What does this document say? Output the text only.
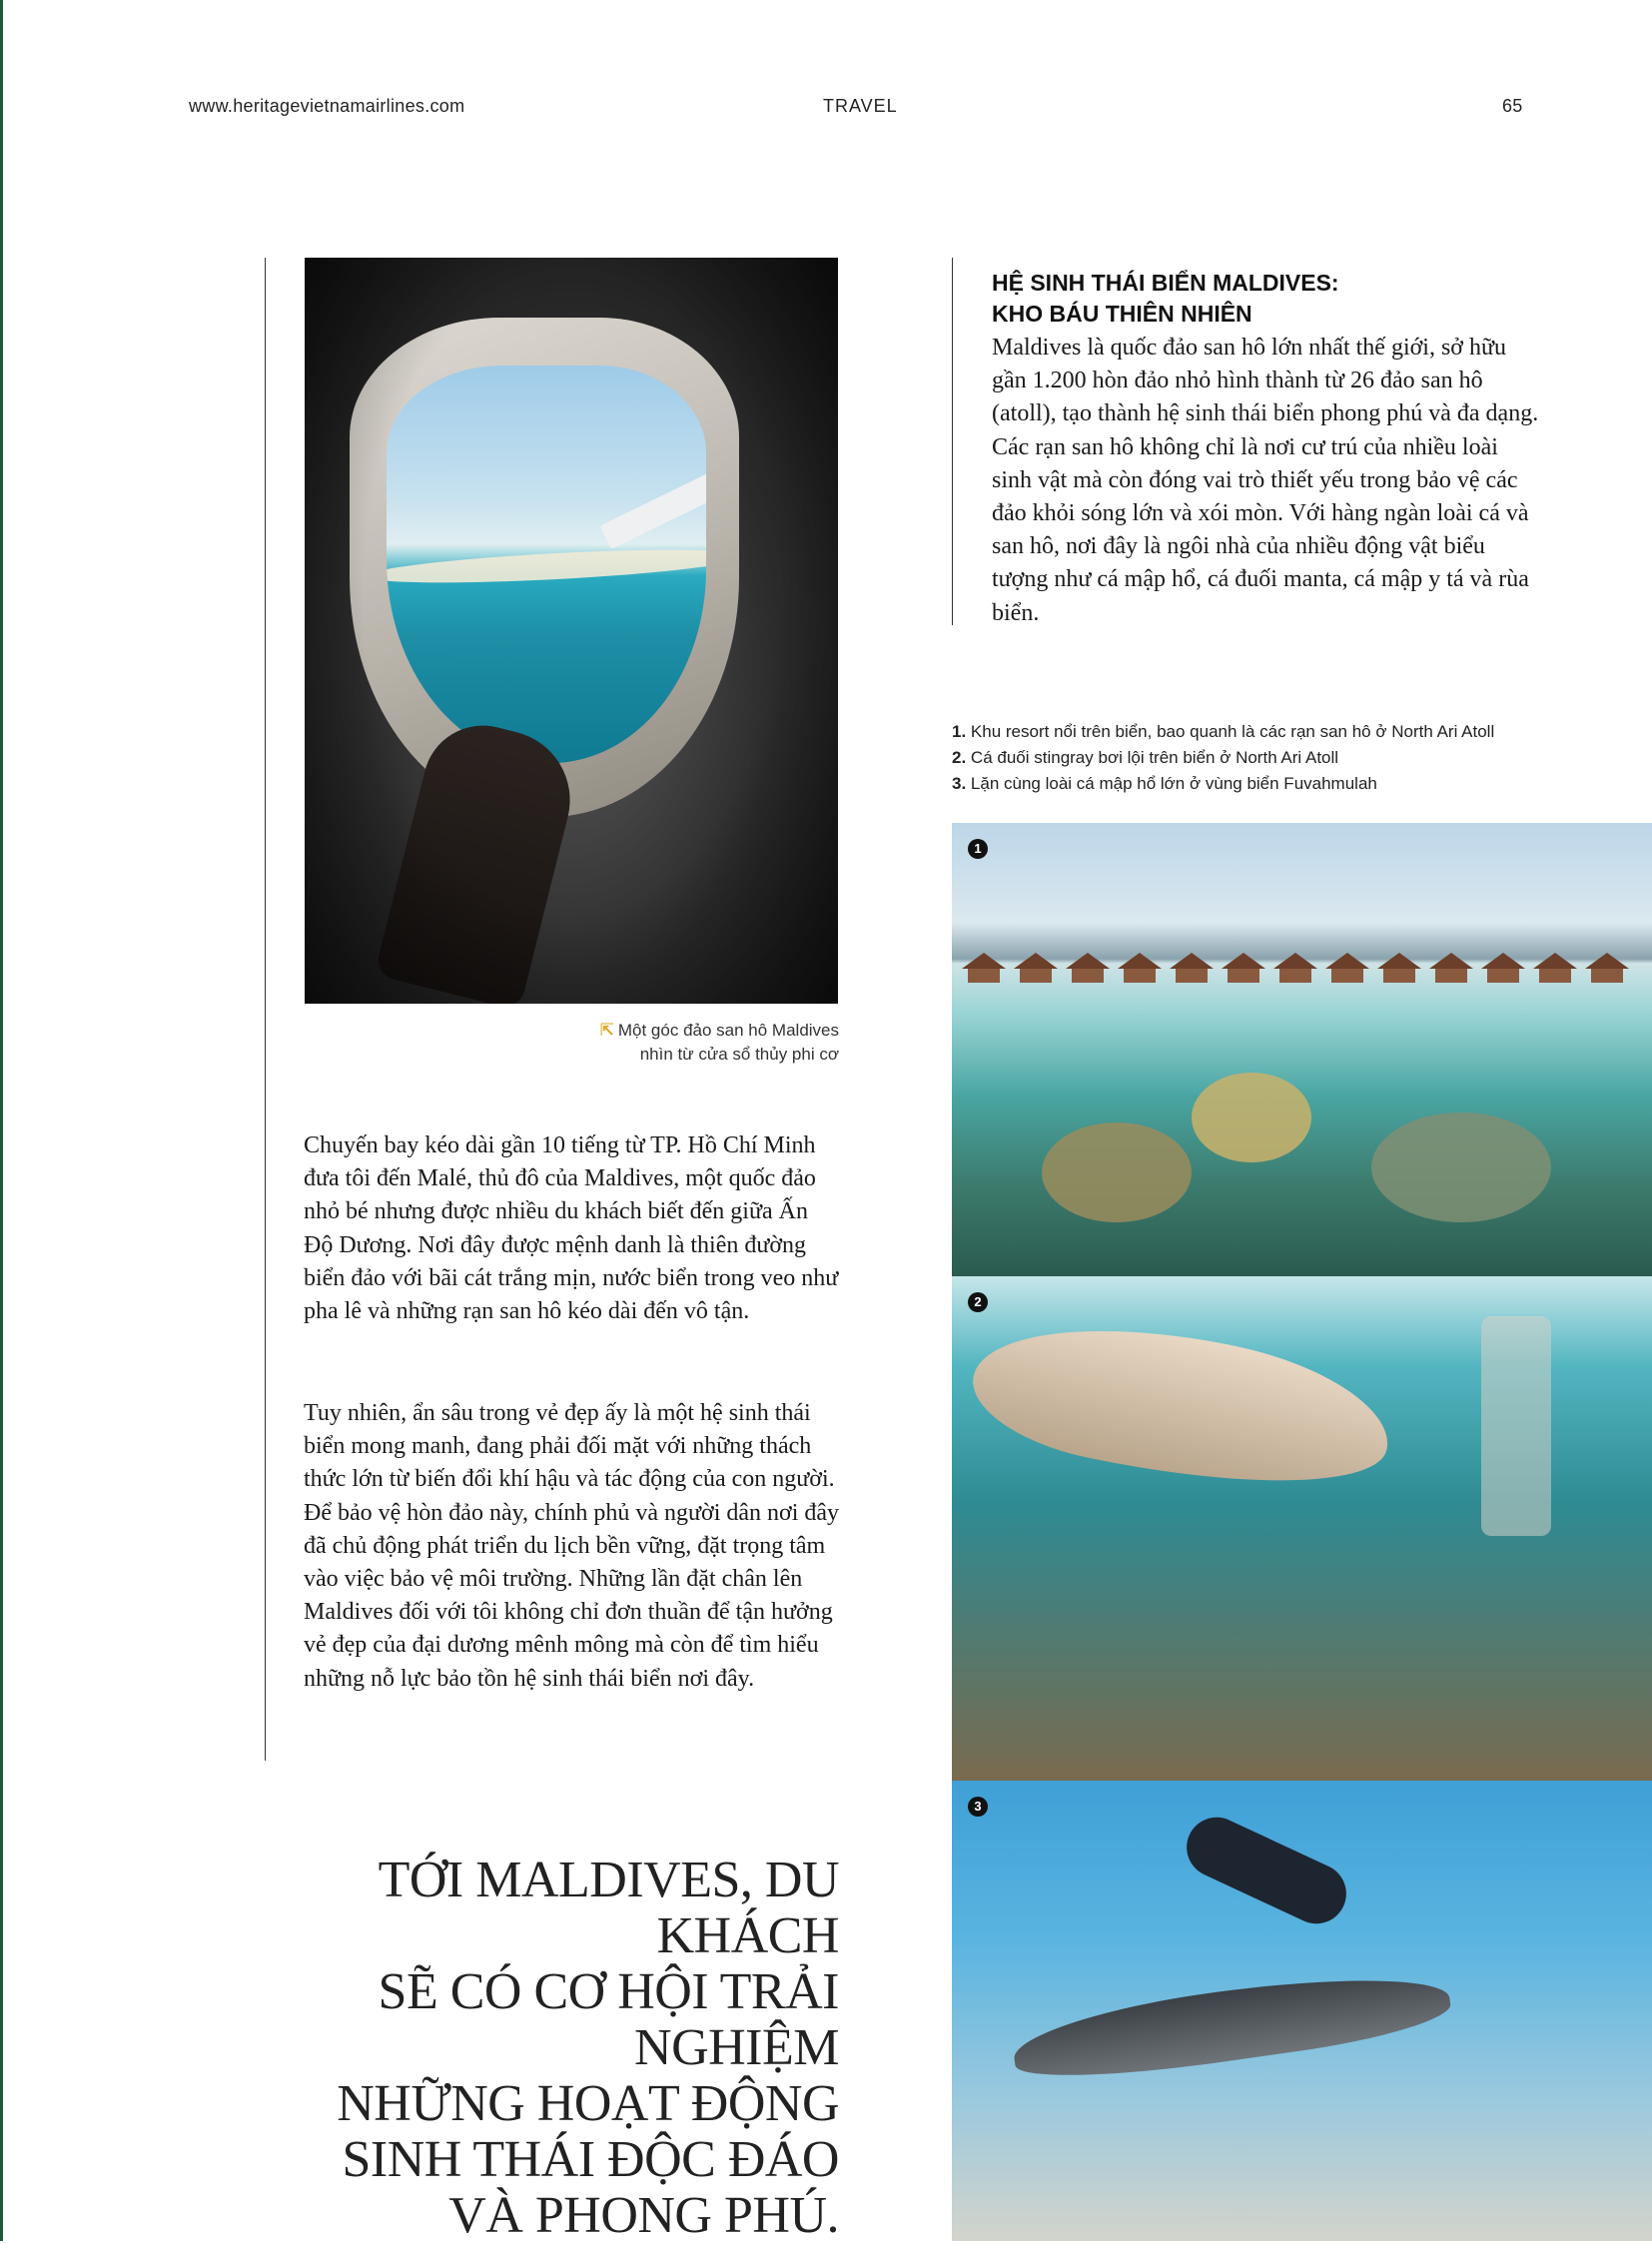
www.heritagevietnamairlines.com	TRAVEL	65
⇱ Một góc đảo san hô Maldives
nhìn từ cửa sổ thủy phi cơ
Chuyến bay kéo dài gần 10 tiếng từ TP. Hồ Chí Minh đưa tôi đến Malé, thủ đô của Maldives, một quốc đảo nhỏ bé nhưng được nhiều du khách biết đến giữa Ấn Độ Dương. Nơi đây được mệnh danh là thiên đường biển đảo với bãi cát trắng mịn, nước biển trong veo như pha lê và những rạn san hô kéo dài đến vô tận.
Tuy nhiên, ẩn sâu trong vẻ đẹp ấy là một hệ sinh thái biển mong manh, đang phải đối mặt với những thách thức lớn từ biến đổi khí hậu và tác động của con người. Để bảo vệ hòn đảo này, chính phủ và người dân nơi đây đã chủ động phát triển du lịch bền vững, đặt trọng tâm vào việc bảo vệ môi trường. Những lần đặt chân lên Maldives đối với tôi không chỉ đơn thuần để tận hưởng vẻ đẹp của đại dương mênh mông mà còn để tìm hiểu những nỗ lực bảo tồn hệ sinh thái biển nơi đây.
TỚI MALDIVES, DU KHÁCH
SẼ CÓ CƠ HỘI TRẢI NGHIỆM
NHỮNG HOẠT ĐỘNG
SINH THÁI ĐỘC ĐÁO
VÀ PHONG PHÚ.
HỆ SINH THÁI BIỂN MALDIVES:
KHO BÁU THIÊN NHIÊN
Maldives là quốc đảo san hô lớn nhất thế giới, sở hữu gần 1.200 hòn đảo nhỏ hình thành từ 26 đảo san hô (atoll), tạo thành hệ sinh thái biển phong phú và đa dạng. Các rạn san hô không chỉ là nơi cư trú của nhiều loài sinh vật mà còn đóng vai trò thiết yếu trong bảo vệ các đảo khỏi sóng lớn và xói mòn. Với hàng ngàn loài cá và san hô, nơi đây là ngôi nhà của nhiều động vật biểu tượng như cá mập hổ, cá đuối manta, cá mập y tá và rùa biển.
1. Khu resort nổi trên biển, bao quanh là các rạn san hô ở North Ari Atoll
2. Cá đuối stingray bơi lội trên biển ở North Ari Atoll
3. Lặn cùng loài cá mập hổ lớn ở vùng biển Fuvahmulah
1
2
3
